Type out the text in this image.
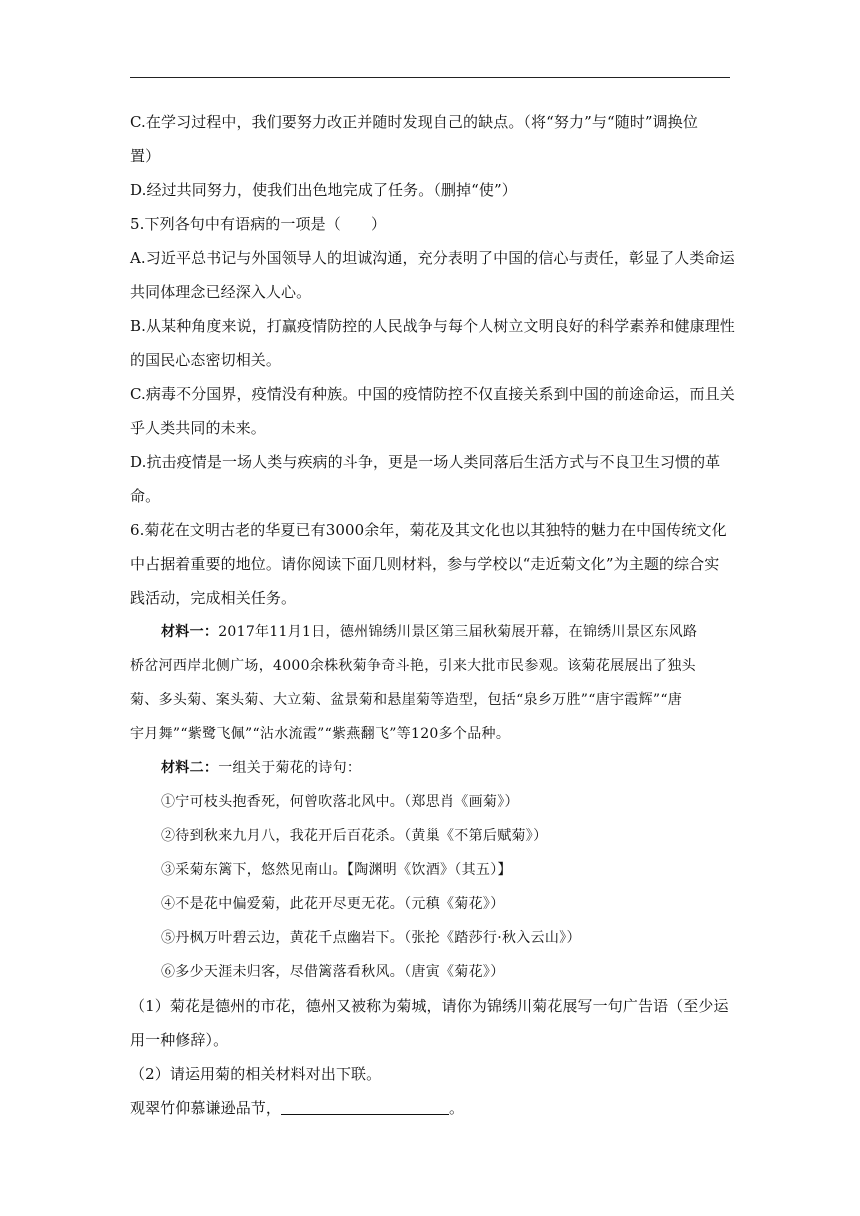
C.在学习过程中，我们要努力改正并随时发现自己的缺点。（将“努力”与“随时”调换位
置）
D.经过共同努力，使我们出色地完成了任务。（删掉“使”）
5.下列各句中有语病的一项是（　　）
A.习近平总书记与外国领导人的坦诚沟通，充分表明了中国的信心与责任，彰显了人类命运
共同体理念已经深入人心。
B.从某种角度来说，打赢疫情防控的人民战争与每个人树立文明良好的科学素养和健康理性
的国民心态密切相关。
C.病毒不分国界，疫情没有种族。中国的疫情防控不仅直接关系到中国的前途命运，而且关
乎人类共同的未来。
D.抗击疫情是一场人类与疾病的斗争，更是一场人类同落后生活方式与不良卫生习惯的革
命。
6.菊花在文明古老的华夏已有3000余年，菊花及其文化也以其独特的魅力在中国传统文化
中占据着重要的地位。请你阅读下面几则材料，参与学校以“走近菊文化”为主题的综合实
践活动，完成相关任务。
材料一：2017年11月1日，德州锦绣川景区第三届秋菊展开幕，在锦绣川景区东风路
桥岔河西岸北侧广场，4000余株秋菊争奇斗艳，引来大批市民参观。该菊花展展出了独头
菊、多头菊、案头菊、大立菊、盆景菊和悬崖菊等造型，包括“泉乡万胜”“唐宇霞辉”“唐
宇月舞”“紫鹭飞佩”“沾水流霞”“紫燕翻飞”等120多个品种。
材料二：一组关于菊花的诗句：
①宁可枝头抱香死，何曾吹落北风中。（郑思肖《画菊》）
②待到秋来九月八，我花开后百花杀。（黄巢《不第后赋菊》）
③采菊东篱下，悠然见南山。【陶渊明《饮酒》（其五）】
④不是花中偏爱菊，此花开尽更无花。（元稹《菊花》）
⑤丹枫万叶碧云边，黄花千点幽岩下。（张抡《踏莎行·秋入云山》）
⑥多少天涯未归客，尽借篱落看秋风。（唐寅《菊花》）
（1）菊花是德州的市花，德州又被称为菊城，请你为锦绣川菊花展写一句广告语（至少运
用一种修辞）。
（2）请运用菊的相关材料对出下联。
观翠竹仰慕谦逊品节，	。
